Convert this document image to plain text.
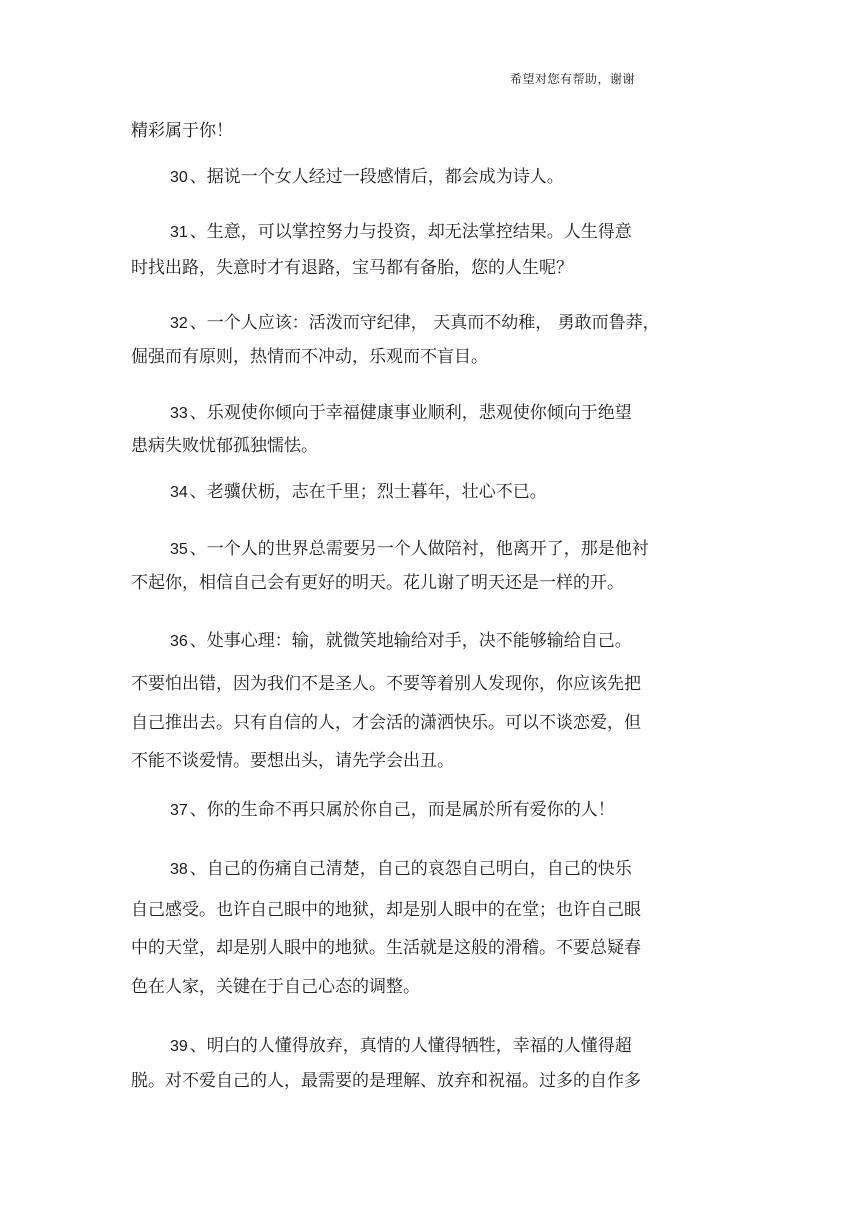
希望对您有帮助，谢谢
精彩属于你！
30 、据说一个女人经过一段感情后，都会成为诗人。
31 、生意，可以掌控努力与投资，却无法掌控结果。人生得意
时找出路，失意时才有退路，宝马都有备胎，您的人生呢？
32 、一个人应该：活泼而守纪律， 天真而不幼稚， 勇敢而鲁莽，
倔强而有原则，热情而不冲动，乐观而不盲目。
33 、乐观使你倾向于幸福健康事业顺利，悲观使你倾向于绝望
患病失败忧郁孤独懦怯。
34 、老骥伏枥，志在千里；烈士暮年，壮心不已。
35 、一个人的世界总需要另一个人做陪衬，他离开了，那是他衬
不起你，相信自己会有更好的明天。花儿谢了明天还是一样的开。
36 、处事心理：输，就微笑地输给对手，决不能够输给自己。
不要怕出错，因为我们不是圣人。不要等着别人发现你，你应该先把
自己推出去。只有自信的人，才会活的潇洒快乐。可以不谈恋爱，但
不能不谈爱情。要想出头，请先学会出丑。
37 、你的生命不再只属於你自己，而是属於所有爱你的人！
38 、自己的伤痛自己清楚，自己的哀怨自己明白，自己的快乐
自己感受。也许自己眼中的地狱，却是别人眼中的在堂；也许自己眼
中的天堂，却是别人眼中的地狱。生活就是这般的滑稽。不要总疑春
色在人家，关键在于自己心态的调整。
39 、明白的人懂得放弃，真情的人懂得牺牲，幸福的人懂得超
脱。对不爱自己的人，最需要的是理解、放弃和祝福。过多的自作多
